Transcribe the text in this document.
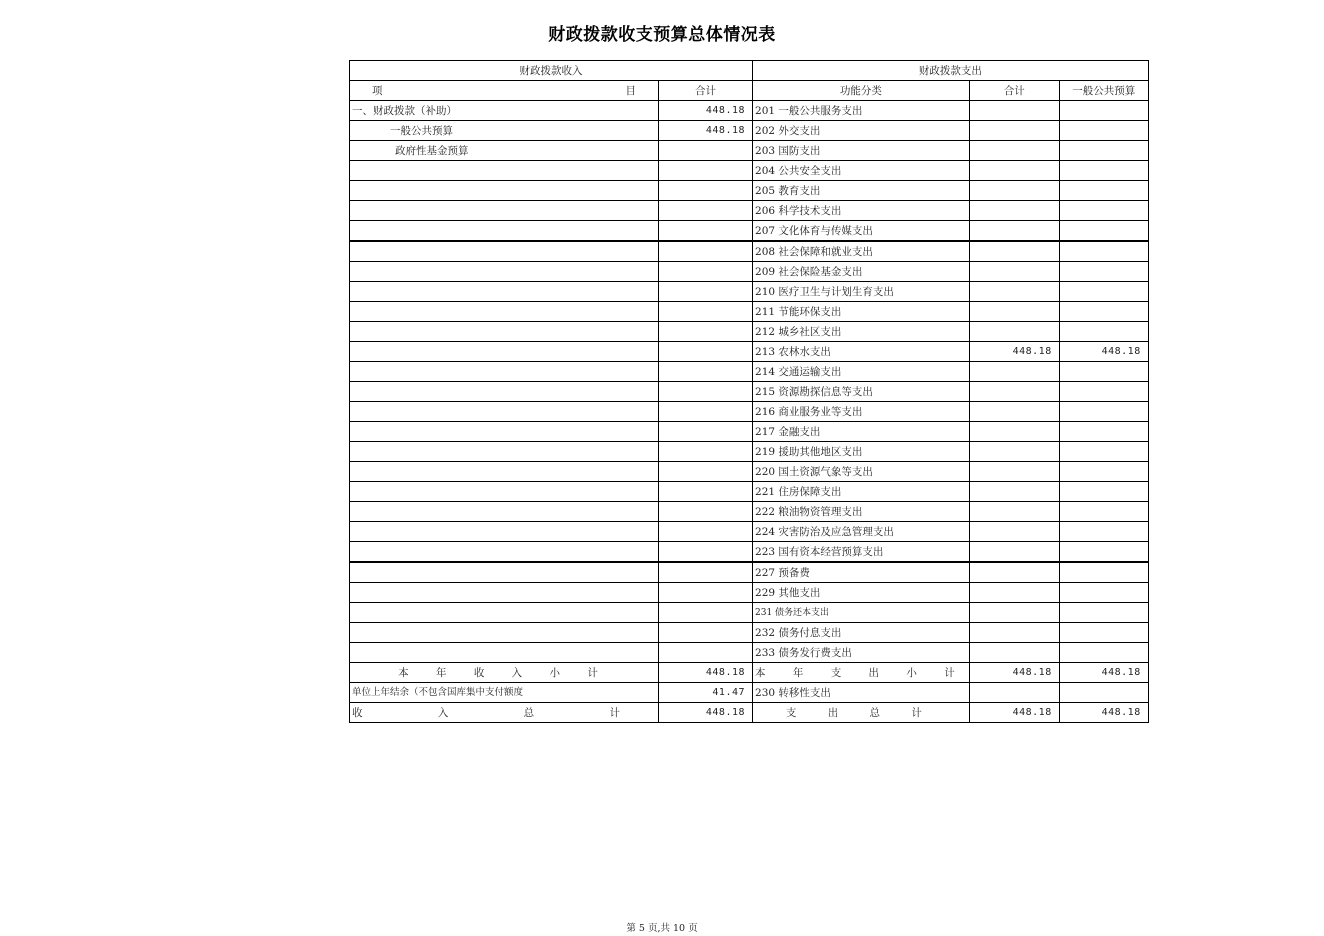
财政拨款收支预算总体情况表
财政拨款收入		财政拨款支出		

项 目	合计	功能分类	合计	一般公共预算
一、财政拨款（补助）	448.18	201 一般公共服务支出		
一般公共预算	448.18	202 外交支出		
政府性基金预算		203 国防支出		
		204 公共安全支出		
		205 教育支出		
		206 科学技术支出		
		207 文化体育与传媒支出		
		208 社会保障和就业支出		
		209 社会保险基金支出		
		210 医疗卫生与计划生育支出		
		211 节能环保支出		
		212 城乡社区支出		
		213 农林水支出	448.18	448.18
		214 交通运输支出		
		215 资源勘探信息等支出		
		216 商业服务业等支出		
		217 金融支出		
		219 援助其他地区支出		
		220 国土资源气象等支出		
		221 住房保障支出		
		222 粮油物资管理支出		
		224 灾害防治及应急管理支出		
		223 国有资本经营预算支出		
		227 预备费		
		229 其他支出		
		231 债务还本支出		
		232 债务付息支出		
		233 债务发行费支出		
本 年 收 入 小 计	448.18	本 年 支 出 小 计	448.18	448.18
单位上年结余（不包含国库集中支付额度	41.47	230 转移性支出		
收 入 总 计	448.18	支 出 总 计	448.18	448.18
第 5 页,共 10 页
